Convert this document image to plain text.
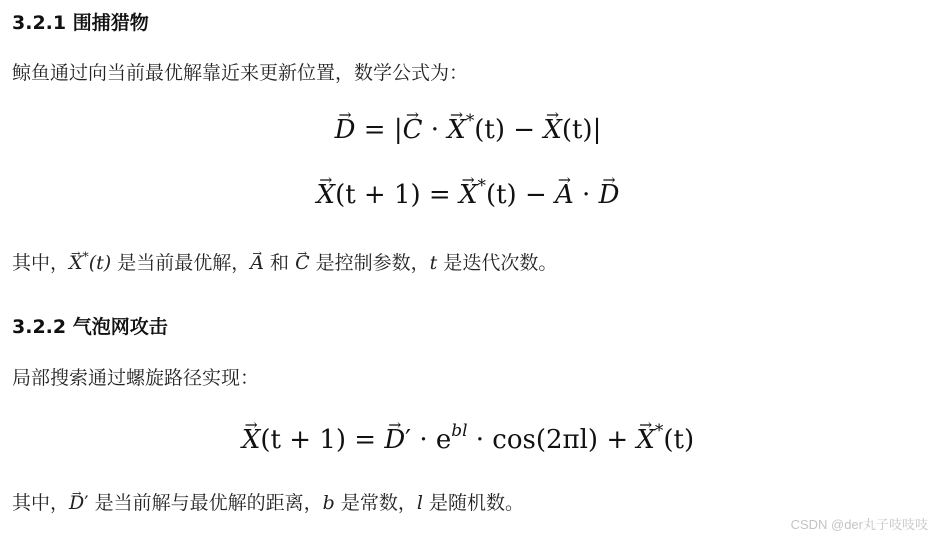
3.2.1 围捕猎物
鲸鱼通过向当前最优解靠近来更新位置，数学公式为：
→ D = |→ C · → X*(t) − → X(t)|
→ X(t + 1) = → X*(t) − → A · → D
其中，→ X*(t) 是当前最优解，→ A 和 → C 是控制参数，t 是迭代次数。
3.2.2 气泡网攻击
局部搜索通过螺旋路径实现：
→ X(t + 1) = → $D' \cdot e^{bl} \cdot \cos(2\pi l)$ + → X*(t)
其中，→ D′ 是当前解与最优解的距离，b 是常数，l 是随机数。
CSDN @der丸子吱吱吱
